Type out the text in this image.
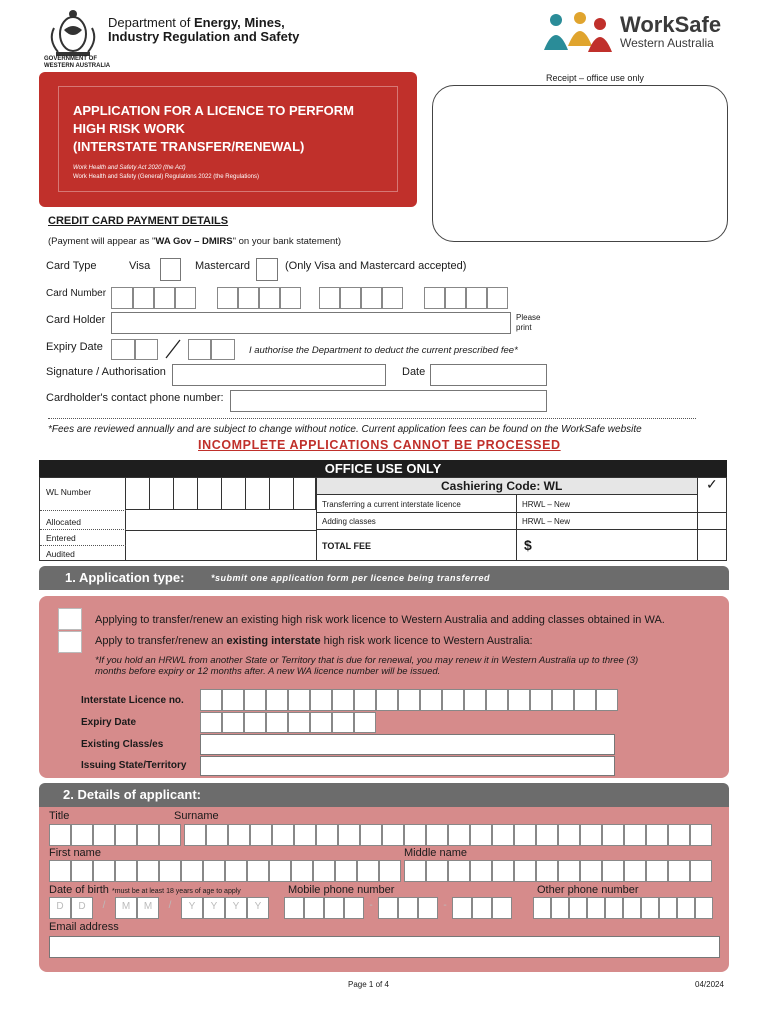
GOVERNMENT OF
WESTERN AUSTRALIA
Department of Energy, Mines,
Industry Regulation and Safety	WorkSafe
Western Australia
Receipt – office use only
APPLICATION FOR A LICENCE TO PERFORM
HIGH RISK WORK
(INTERSTATE TRANSFER/RENEWAL)
Work Health and Safety Act 2020 (the Act)
Work Health and Safety (General) Regulations 2022 (the Regulations)
CREDIT CARD PAYMENT DETAILS
(Payment will appear as "WA Gov – DMIRS" on your bank statement)
Card Type	Visa	Mastercard	(Only Visa and Mastercard accepted)
Card Number
Card Holder	Please print
Expiry Date	I authorise the Department to deduct the current prescribed fee*
Signature / Authorisation	Date
Cardholder's contact phone number:
*Fees are reviewed annually and are subject to change without notice. Current application fees can be found on the WorkSafe website
INCOMPLETE APPLICATIONS CANNOT BE PROCESSED
OFFICE USE ONLY
WL Number
Allocated
Entered
Audited
Cashiering Code: WL	✓
Transferring a current interstate licence	HRWL – New
Adding classes	HRWL – New
TOTAL FEE	$
1. Application type:	*submit one application form per licence being transferred
Applying to transfer/renew an existing high risk work licence to Western Australia and adding classes obtained in WA.
Apply to transfer/renew an existing interstate high risk work licence to Western Australia:
*If you hold an HRWL from another State or Territory that is due for renewal, you may renew it in Western Australia up to three (3)
months before expiry or 12 months after. A new WA licence number will be issued.
Interstate Licence no.
Expiry Date
Existing Class/es
Issuing State/Territory
2. Details of applicant:
Title	Surname
First name	Middle name
Date of birth *must be at least 18 years of age to apply	Mobile phone number	Other phone number
D	D	/	M	M	/	Y	Y	Y	Y	-	-
Email address
Page 1 of 4	04/2024
